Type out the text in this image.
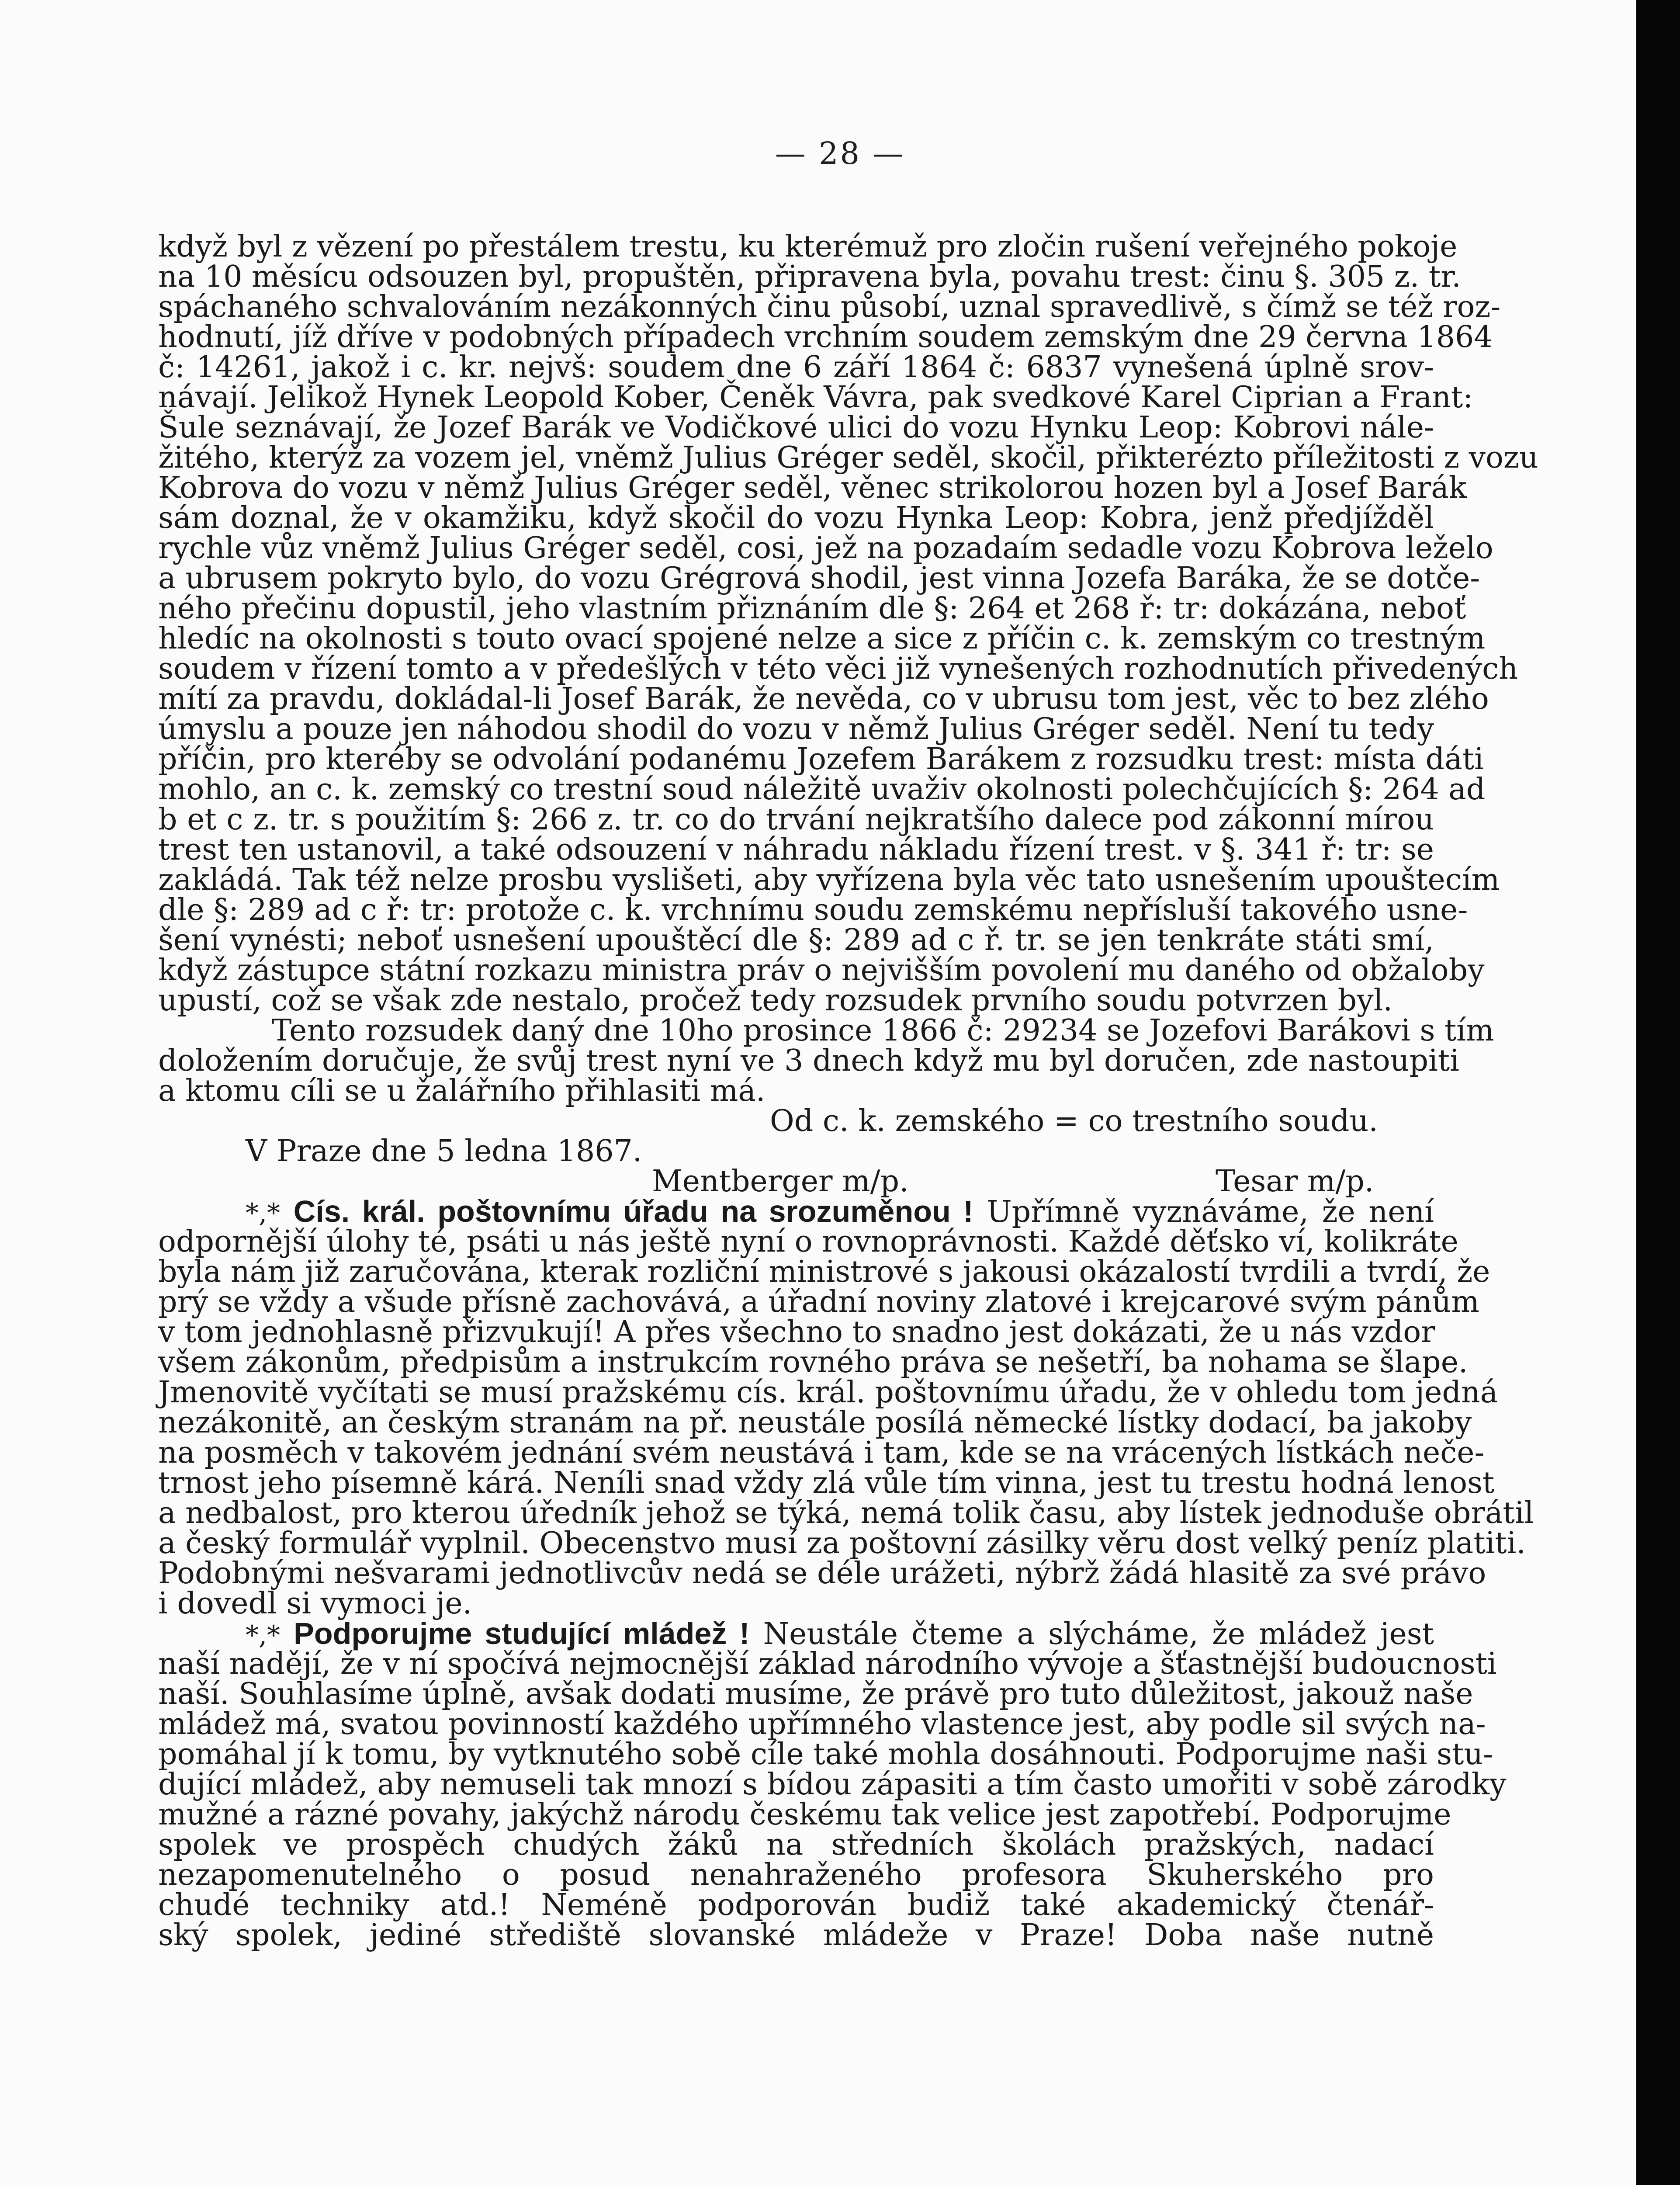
— 28 —
když byl z vězení po přestálem trestu, ku kterémuž pro zločin rušení veřejného pokoje
na 10 měsícu odsouzen byl, propuštěn, připravena byla, povahu trest: činu §. 305 z. tr.
spáchaného schvalováním nezákonných činu působí, uznal spravedlivě, s čímž se též roz-
hodnutí, jíž dříve v podobných případech vrchním soudem zemským dne 29 června 1864
č: 14261, jakož i c. kr. nejvš: soudem dne 6 září 1864 č: 6837 vynešená úplně srov-
návají. Jelikož Hynek Leopold Kober, Čeněk Vávra, pak svedkové Karel Ciprian a Frant:
Šule seznávají, že Jozef Barák ve Vodičkové ulici do vozu Hynku Leop: Kobrovi nále-
žitého, kterýž za vozem jel, vněmž Julius Gréger seděl, skočil, přikterézto příležitosti z vozu
Kobrova do vozu v němž Julius Gréger seděl, věnec strikolorou hozen byl a Josef Barák
sám doznal, že v okamžiku, když skočil do vozu Hynka Leop: Kobra, jenž předjížděl
rychle vůz vněmž Julius Gréger seděl, cosi, jež na pozadaím sedadle vozu Kobrova leželo
a ubrusem pokryto bylo, do vozu Grégrová shodil, jest vinna Jozefa Baráka, že se dotče-
ného přečinu dopustil, jeho vlastním přiznáním dle §: 264 et 268 ř: tr: dokázána, neboť
hledíc na okolnosti s touto ovací spojené nelze a sice z příčin c. k. zemským co trestným
soudem v řízení tomto a v předešlých v této věci již vynešených rozhodnutích přivedených
mítí za pravdu, dokládal-li Josef Barák, že nevěda, co v ubrusu tom jest, věc to bez zlého
úmyslu a pouze jen náhodou shodil do vozu v němž Julius Gréger seděl. Není tu tedy
příčin, pro kteréby se odvolání podanému Jozefem Barákem z rozsudku trest: místa dáti
mohlo, an c. k. zemský co trestní soud náležitě uvaživ okolnosti polechčujících §: 264 ad
b et c z. tr. s použitím §: 266 z. tr. co do trvání nejkratšího dalece pod zákonní mírou
trest ten ustanovil, a také odsouzení v náhradu nákladu řízení trest. v §. 341 ř: tr: se
zakládá. Tak též nelze prosbu vyslišeti, aby vyřízena byla věc tato usnešením upouštecím
dle §: 289 ad c ř: tr: protože c. k. vrchnímu soudu zemskému nepřísluší takového usne-
šení vynésti; neboť usnešení upouštěcí dle §: 289 ad c ř. tr. se jen tenkráte státi smí,
když zástupce státní rozkazu ministra práv o nejvišším povolení mu daného od obžaloby
upustí, což se však zde nestalo, pročež tedy rozsudek prvního soudu potvrzen byl.
Tento rozsudek daný dne 10ho prosince 1866 č: 29234 se Jozefovi Barákovi s tím
doložením doručuje, že svůj trest nyní ve 3 dnech když mu byl doručen, zde nastoupiti
a ktomu cíli se u žalářního přihlasiti má.
Od c. k. zemského = co trestního soudu.
V Praze dne 5 ledna 1867.
Mentberger m/p.	Tesar m/p.
*,* Cís. král. poštovnímu úřadu na srozuměnou ! Upřímně vyznáváme, že není
odpornější úlohy té, psáti u nás ještě nyní o rovnoprávnosti. Každé děťsko ví, kolikráte
byla nám již zaručována, kterak rozliční ministrové s jakousi okázalostí tvrdili a tvrdí, že
prý se vždy a všude přísně zachovává, a úřadní noviny zlatové i krejcarové svým pánům
v tom jednohlasně přizvukují! A přes všechno to snadno jest dokázati, že u nás vzdor
všem zákonům, předpisům a instrukcím rovného práva se nešetří, ba nohama se šlape.
Jmenovitě vyčítati se musí pražskému cís. král. poštovnímu úřadu, že v ohledu tom jedná
nezákonitě, an českým stranám na př. neustále posílá německé lístky dodací, ba jakoby
na posměch v takovém jednání svém neustává i tam, kde se na vrácených lístkách neče-
trnost jeho písemně kárá. Neníli snad vždy zlá vůle tím vinna, jest tu trestu hodná lenost
a nedbalost, pro kterou úředník jehož se týká, nemá tolik času, aby lístek jednoduše obrátil
a český formulář vyplnil. Obecenstvo musí za poštovní zásilky věru dost velký peníz platiti.
Podobnými nešvarami jednotlivcův nedá se déle urážeti, nýbrž žádá hlasitě za své právo
i dovedl si vymoci je.
*,* Podporujme studující mládež ! Neustále čteme a slýcháme, že mládež jest
naší nadějí, že v ní spočívá nejmocnější základ národního vývoje a šťastnější budoucnosti
naší. Souhlasíme úplně, avšak dodati musíme, že právě pro tuto důležitost, jakouž naše
mládež má, svatou povinností každého upřímného vlastence jest, aby podle sil svých na-
pomáhal jí k tomu, by vytknutého sobě cíle také mohla dosáhnouti. Podporujme naši stu-
dující mládež, aby nemuseli tak mnozí s bídou zápasiti a tím často umořiti v sobě zárodky
mužné a rázné povahy, jakýchž národu českému tak velice jest zapotřebí. Podporujme
spolek ve prospěch chudých žáků na středních školách pražských, nadací
nezapomenutelného o posud nenahraženého profesora Skuherského pro
chudé techniky atd.! Neméně podporován budiž také akademický čtenář-
ský spolek, jediné střediště slovanské mládeže v Praze! Doba naše nutně
